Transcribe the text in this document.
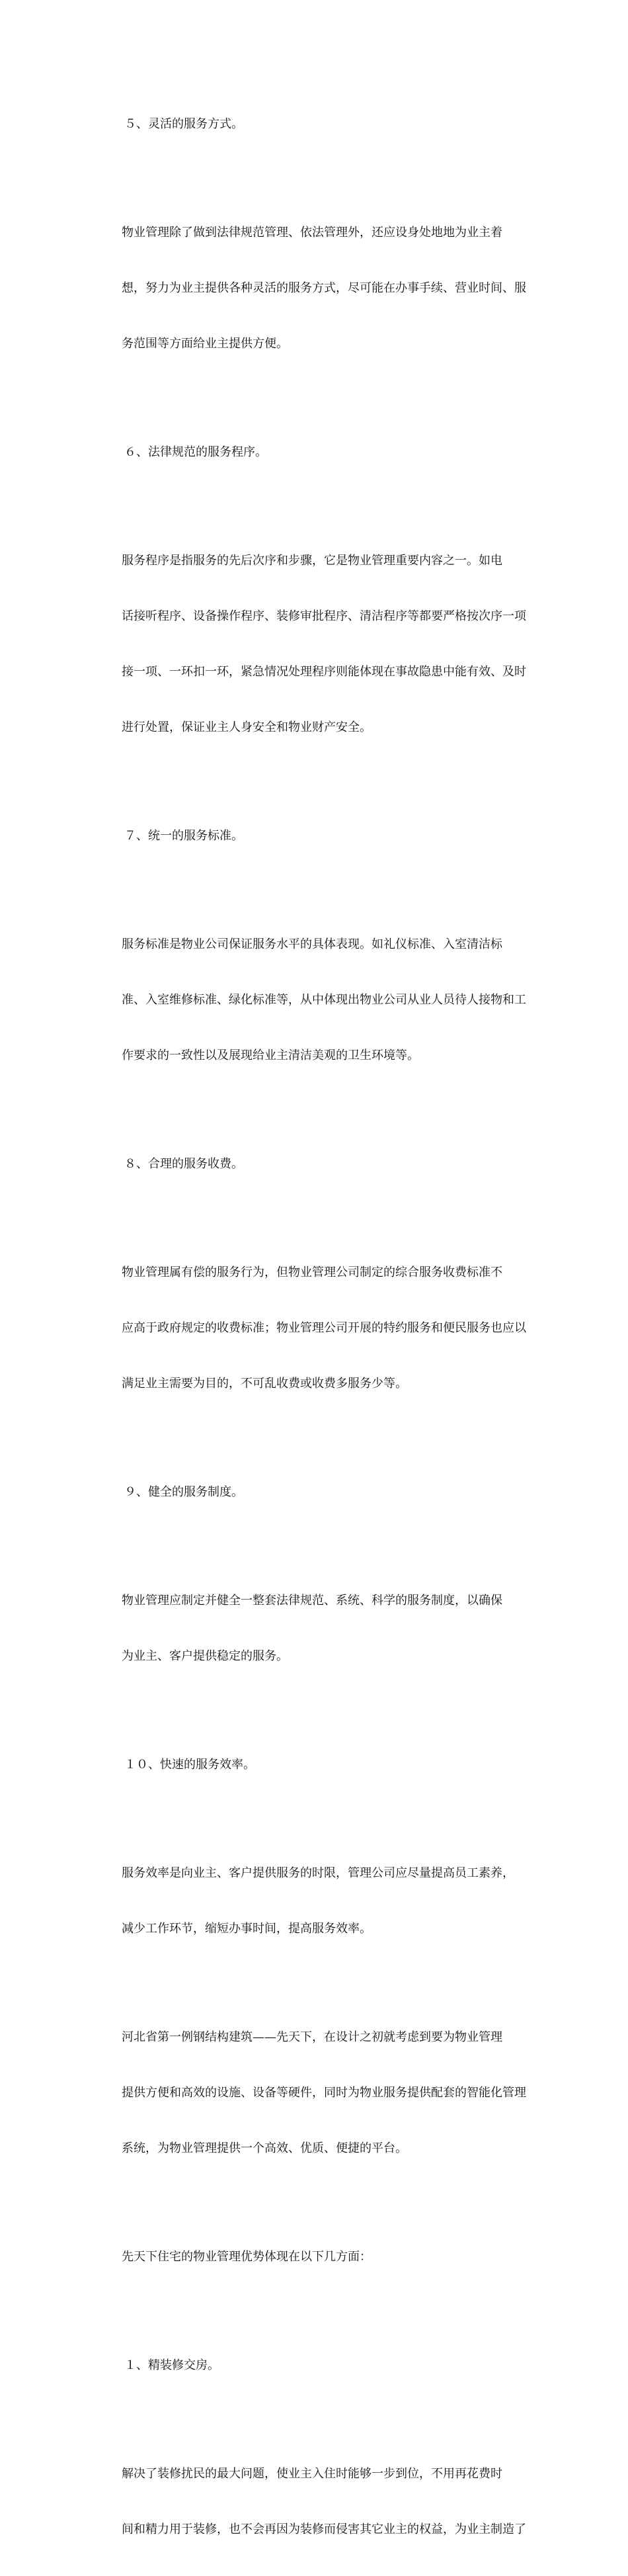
５、灵活的服务方式。

物业管理除了做到法律规范管理、依法管理外，还应设身处地地为业主着

想，努力为业主提供各种灵活的服务方式，尽可能在办事手续、营业时间、服

务范围等方面给业主提供方便。

６、法律规范的服务程序。

服务程序是指服务的先后次序和步骤，它是物业管理重要内容之一。如电

话接听程序、设备操作程序、装修审批程序、清洁程序等都要严格按次序一项

接一项、一环扣一环，紧急情况处理程序则能体现在事故隐患中能有效、及时

进行处置，保证业主人身安全和物业财产安全。

７、统一的服务标准。

服务标准是物业公司保证服务水平的具体表现。如礼仪标准、入室清洁标

准、入室维修标准、绿化标准等，从中体现出物业公司从业人员待人接物和工

作要求的一致性以及展现给业主清洁美观的卫生环境等。

８、合理的服务收费。

物业管理属有偿的服务行为，但物业管理公司制定的综合服务收费标准不

应高于政府规定的收费标准；物业管理公司开展的特约服务和便民服务也应以

满足业主需要为目的，不可乱收费或收费多服务少等。

９、健全的服务制度。

物业管理应制定并健全一整套法律规范、系统、科学的服务制度，以确保

为业主、客户提供稳定的服务。

１０、快速的服务效率。

服务效率是向业主、客户提供服务的时限，管理公司应尽量提高员工素养，

减少工作环节，缩短办事时间，提高服务效率。

河北省第一例钢结构建筑——先天下，在设计之初就考虑到要为物业管理

提供方便和高效的设施、设备等硬件，同时为物业服务提供配套的智能化管理

系统，为物业管理提供一个高效、优质、便捷的平台。

先天下住宅的物业管理优势体现在以下几方面：

１、精装修交房。

解决了装修扰民的最大问题，使业主入住时能够一步到位，不用再花费时

间和精力用于装修，也不会再因为装修而侵害其它业主的权益，为业主制造了
